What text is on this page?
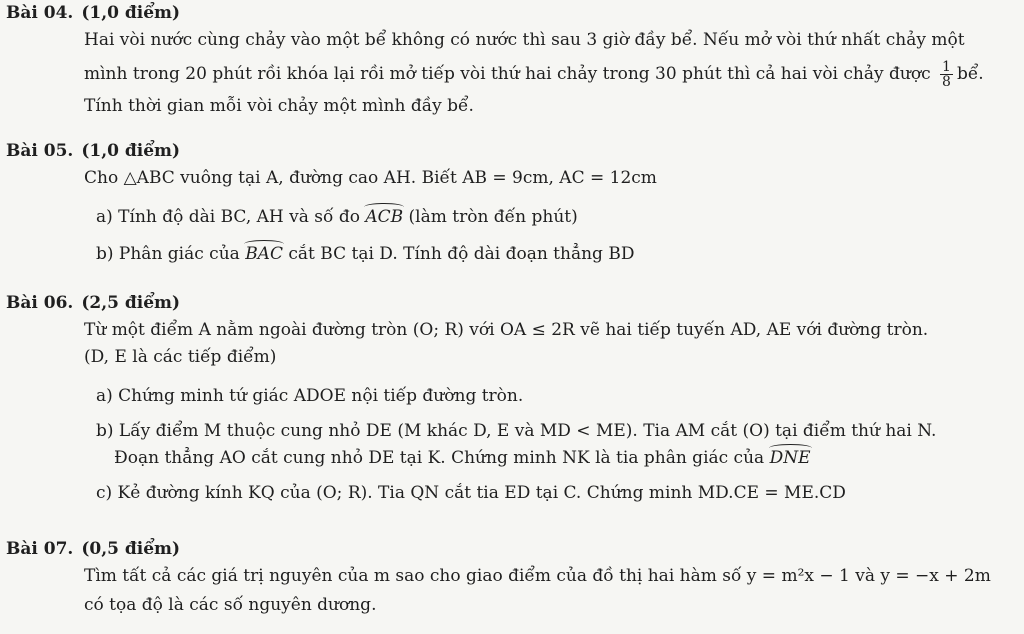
Bài 04. (1,0 điểm)
Hai vòi nước cùng chảy vào một bể không có nước thì sau 3 giờ đầy bể. Nếu mở vòi thứ nhất chảy một
mình trong 20 phút rồi khóa lại rồi mở tiếp vòi thứ hai chảy trong 30 phút thì cả hai vòi chảy được $\frac{1}{8}$ bể.
Tính thời gian mỗi vòi chảy một mình đầy bể.
Bài 05. (1,0 điểm)
Cho △ABC vuông tại A, đường cao AH. Biết AB = 9cm, AC = 12cm
a) Tính độ dài BC, AH và số đo ACB (làm tròn đến phút)
b) Phân giác của BAC cắt BC tại D. Tính độ dài đoạn thẳng BD
Bài 06. (2,5 điểm)
Từ một điểm A nằm ngoài đường tròn (O; R) với OA ≤ 2R vẽ hai tiếp tuyến AD, AE với đường tròn.
(D, E là các tiếp điểm)
a) Chứng minh tứ giác ADOE nội tiếp đường tròn.
b) Lấy điểm M thuộc cung nhỏ DE (M khác D, E và MD < ME). Tia AM cắt (O) tại điểm thứ hai N.
Đoạn thẳng AO cắt cung nhỏ DE tại K. Chứng minh NK là tia phân giác của DNE
c) Kẻ đường kính KQ của (O; R). Tia QN cắt tia ED tại C. Chứng minh MD.CE = ME.CD
Bài 07. (0,5 điểm)
Tìm tất cả các giá trị nguyên của m sao cho giao điểm của đồ thị hai hàm số y = m²x − 1 và y = −x + 2m
có tọa độ là các số nguyên dương.
